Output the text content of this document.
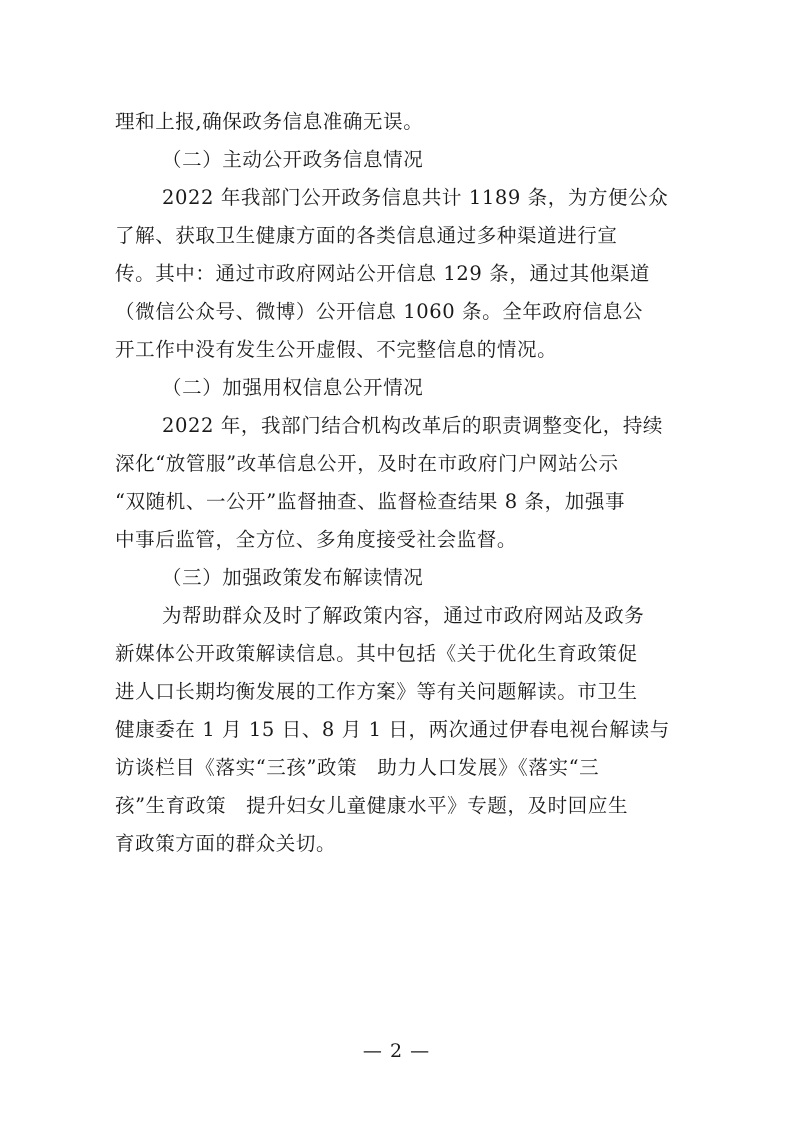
理和上报,确保政务信息准确无误。
（二）主动公开政务信息情况
2022 年我部门公开政务信息共计 1189 条，为方便公众
了解、获取卫生健康方面的各类信息通过多种渠道进行宣
传。其中：通过市政府网站公开信息 129 条，通过其他渠道
（微信公众号、微博）公开信息 1060 条。全年政府信息公
开工作中没有发生公开虚假、不完整信息的情况。
（二）加强用权信息公开情况
2022 年，我部门结合机构改革后的职责调整变化，持续
深化“放管服”改革信息公开，及时在市政府门户网站公示
“双随机、一公开”监督抽查、监督检查结果 8 条，加强事
中事后监管，全方位、多角度接受社会监督。
（三）加强政策发布解读情况
为帮助群众及时了解政策内容，通过市政府网站及政务
新媒体公开政策解读信息。其中包括《关于优化生育政策促
进人口长期均衡发展的工作方案》等有关问题解读。市卫生
健康委在 1 月 15 日、8 月 1 日，两次通过伊春电视台解读与
访谈栏目《落实“三孩”政策　助力人口发展》《落实“三
孩”生育政策　提升妇女儿童健康水平》专题，及时回应生
育政策方面的群众关切。
— 2 —
